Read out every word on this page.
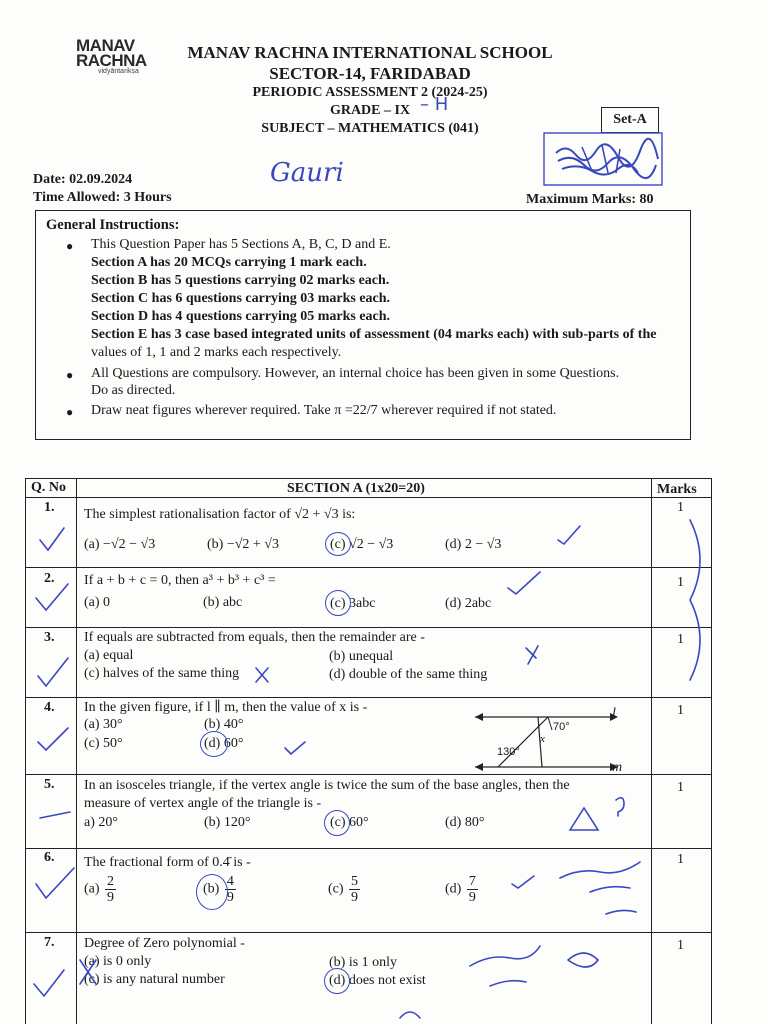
MANAV
RACHNA
vidyāntarikṣa
MANAV RACHNA INTERNATIONAL SCHOOL
SECTOR-14, FARIDABAD
PERIODIC ASSESSMENT 2 (2024-25)
GRADE – IX
SUBJECT – MATHEMATICS (041)
– H
Set-A
Date: 02.09.2024
Time Allowed: 3 Hours
Gauri
Maximum Marks: 80
General Instructions:
● This Question Paper has 5 Sections A, B, C, D and E.
Section A has 20 MCQs carrying 1 mark each.
Section B has 5 questions carrying 02 marks each.
Section C has 6 questions carrying 03 marks each.
Section D has 4 questions carrying 05 marks each.
Section E has 3 case based integrated units of assessment (04 marks each) with sub-parts of the
values of 1, 1 and 2 marks each respectively.
● All Questions are compulsory. However, an internal choice has been given in some Questions.
Do as directed.
● Draw neat figures wherever required. Take π =22/7 wherever required if not stated.
Q. No	SECTION A (1x20=20)	Marks
1. The simplest rationalisation factor of √2 + √3 is:
(a) −√2 − √3	(b) −√2 + √3	(c) √2 − √3	(d) 2 − √3
1
2. If a + b + c = 0, then a³ + b³ + c³ =
(a) 0	(b) abc	(c) 3abc	(d) 2abc
1
3. If equals are subtracted from equals, then the remainder are -
(a) equal	(b) unequal
(c) halves of the same thing	(d) double of the same thing
1
4. In the given figure, if l ∥ m, then the value of x is -
(a) 30°	(b) 40°
(c) 50°	(d) 60°
1
l
m
70°
130°
x
5. In an isosceles triangle, if the vertex angle is twice the sum of the base angles, then the
measure of vertex angle of the triangle is -
a) 20°	(b) 120°	(c) 60°	(d) 80°
1
6. The fractional form of 0.4̄ is -
$(a) \frac{2}{9}$	$(b) \frac{4}{9}$	$(c) \frac{5}{9}$	$(d) \frac{7}{9}$
1
7. Degree of Zero polynomial -
(a) is 0 only	(b) is 1 only
(c) is any natural number	(d) does not exist
1
